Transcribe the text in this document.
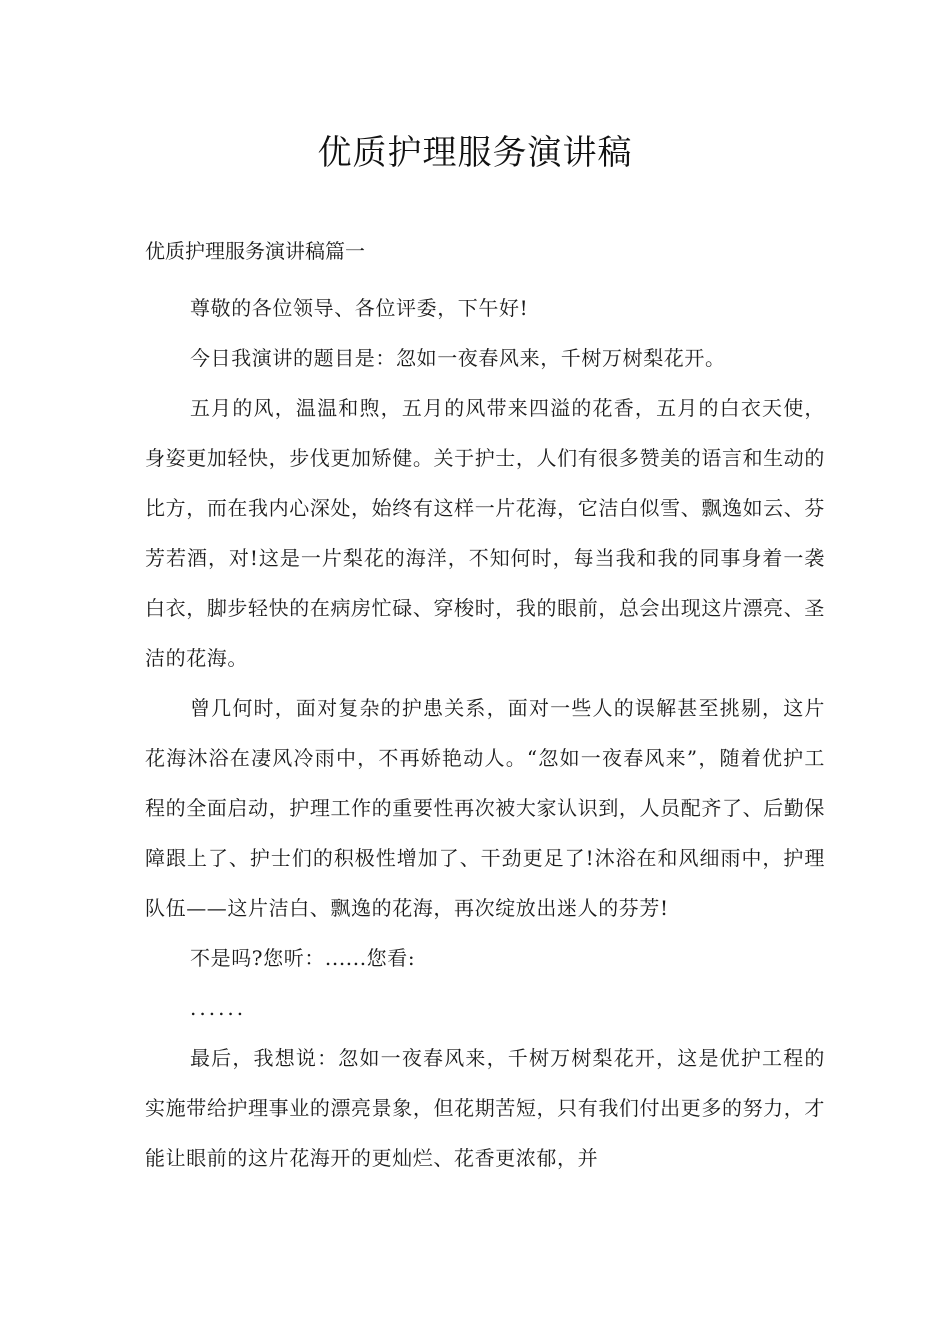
优质护理服务演讲稿
优质护理服务演讲稿篇一

尊敬的各位领导、各位评委，下午好!

今日我演讲的题目是：忽如一夜春风来，千树万树梨花开。

五月的风，温温和煦，五月的风带来四溢的花香，五月的白衣天使，身姿更加轻快，步伐更加矫健。关于护士，人们有很多赞美的语言和生动的比方，而在我内心深处，始终有这样一片花海，它洁白似雪、飘逸如云、芬芳若酒，对!这是一片梨花的海洋，不知何时，每当我和我的同事身着一袭白衣，脚步轻快的在病房忙碌、穿梭时，我的眼前，总会出现这片漂亮、圣洁的花海。

曾几何时，面对复杂的护患关系，面对一些人的误解甚至挑剔，这片花海沐浴在凄风冷雨中，不再娇艳动人。“忽如一夜春风来”，随着优护工程的全面启动，护理工作的重要性再次被大家认识到，人员配齐了、后勤保障跟上了、护士们的积极性增加了、干劲更足了!沐浴在和风细雨中，护理队伍——这片洁白、飘逸的花海，再次绽放出迷人的芬芳!

不是吗?您听：......您看:

......

最后，我想说：忽如一夜春风来，千树万树梨花开，这是优护工程的实施带给护理事业的漂亮景象，但花期苦短，只有我们付出更多的努力，才能让眼前的这片花海开的更灿烂、花香更浓郁，并
